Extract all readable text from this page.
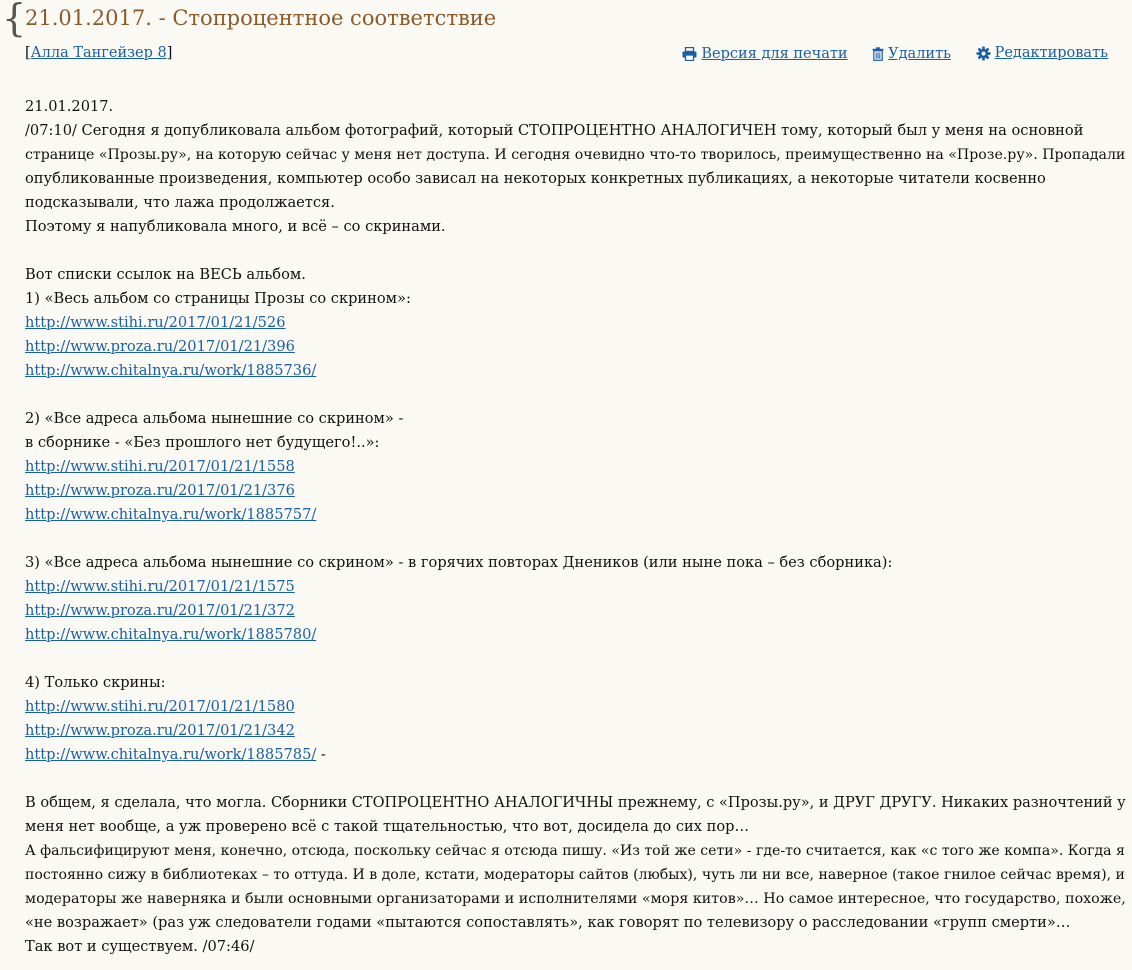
{
21.01.2017. - Стопроцентное соответствие
[Алла Тангейзер 8]	Версия для печати
	Удалить
	Редактировать
21.01.2017.
/07:10/ Сегодня я допубликовала альбом фотографий, который СТОПРОЦЕНТНО АНАЛОГИЧЕН тому, который был у меня на основной
странице «Прозы.ру», на которую сейчас у меня нет доступа. И сегодня очевидно что-то творилось, преимущественно на «Прозе.ру». Пропадали
опубликованные произведения, компьютер особо зависал на некоторых конкретных публикациях, а некоторые читатели косвенно
подсказывали, что лажа продолжается.
Поэтому я напубликовала много, и всё – со скринами.
Вот списки ссылок на ВЕСЬ альбом.
1) «Весь альбом со страницы Прозы со скрином»:
http://www.stihi.ru/2017/01/21/526
http://www.proza.ru/2017/01/21/396
http://www.chitalnya.ru/work/1885736/
2) «Все адреса альбома нынешние со скрином» -
в сборнике - «Без прошлого нет будущего!..»:
http://www.stihi.ru/2017/01/21/1558
http://www.proza.ru/2017/01/21/376
http://www.chitalnya.ru/work/1885757/
3) «Все адреса альбома нынешние со скрином» - в горячих повторах Днеников (или ныне пока – без сборника):
http://www.stihi.ru/2017/01/21/1575
http://www.proza.ru/2017/01/21/372
http://www.chitalnya.ru/work/1885780/
4) Только скрины:
http://www.stihi.ru/2017/01/21/1580
http://www.proza.ru/2017/01/21/342
http://www.chitalnya.ru/work/1885785/ -
В общем, я сделала, что могла. Сборники СТОПРОЦЕНТНО АНАЛОГИЧНЫ прежнему, с «Прозы.ру», и ДРУГ ДРУГУ. Никаких разночтений у
меня нет вообще, а уж проверено всё с такой тщательностью, что вот, досидела до сих пор…
А фальсифицируют меня, конечно, отсюда, поскольку сейчас я отсюда пишу. «Из той же сети» - где-то считается, как «с того же компа». Когда я
постоянно сижу в библиотеках – то оттуда. И в доле, кстати, модераторы сайтов (любых), чуть ли ни все, наверное (такое гнилое сейчас время), и
модераторы же наверняка и были основными организаторами и исполнителями «моря китов»… Но самое интересное, что государство, похоже,
«не возражает» (раз уж следователи годами «пытаются сопоставлять», как говорят по телевизору о расследовании «групп смерти»…
Так вот и существуем. /07:46/
